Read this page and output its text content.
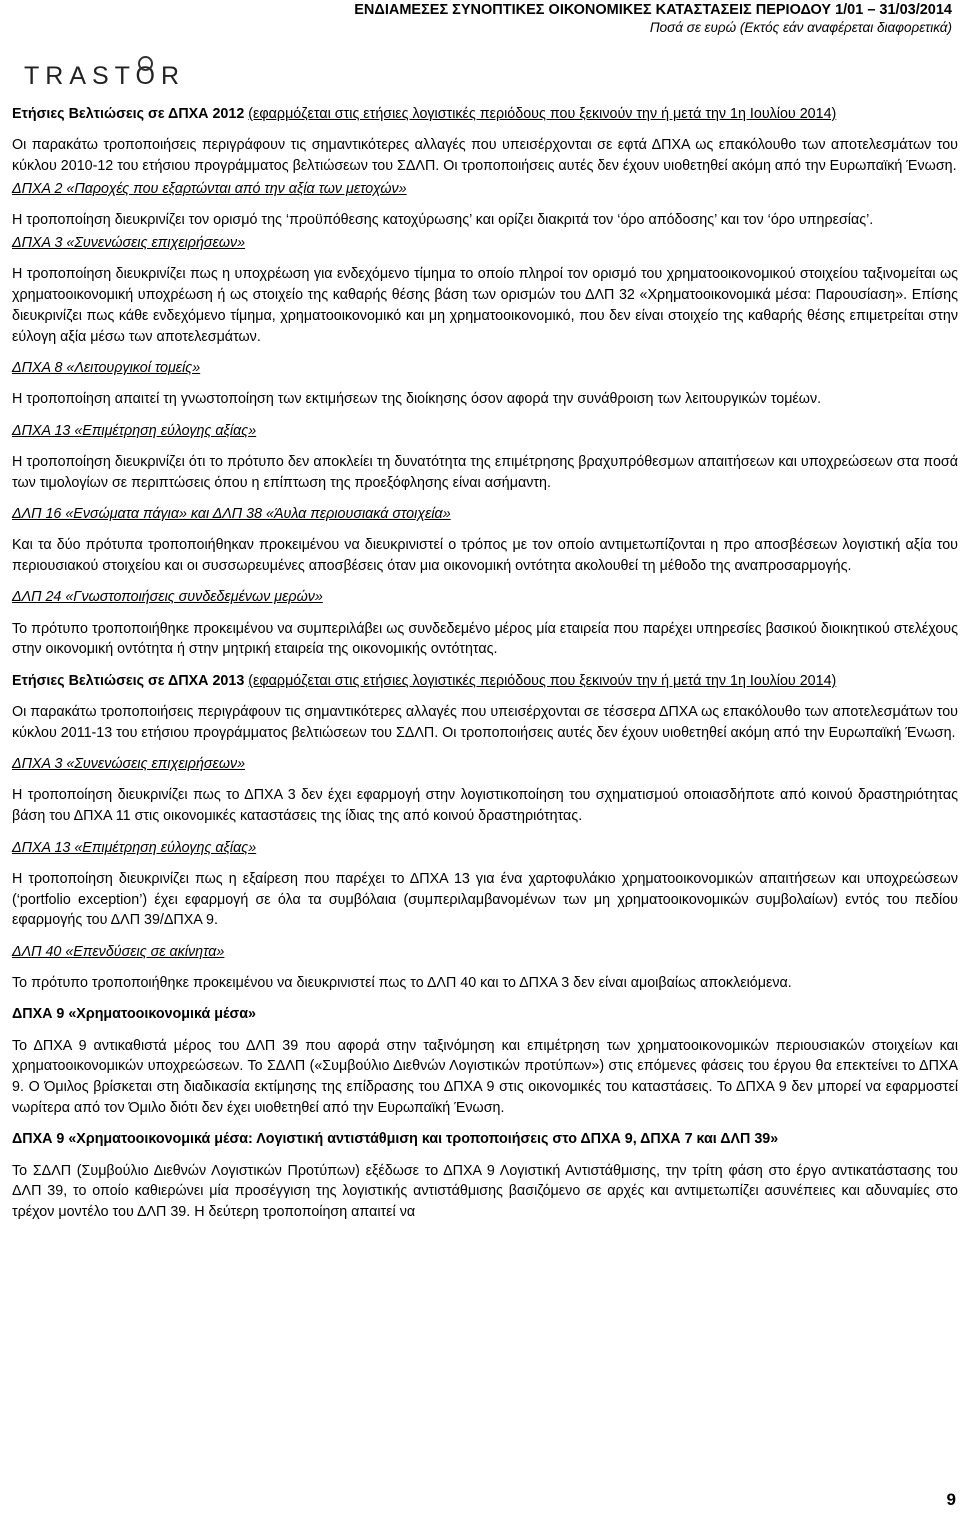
TRASTOR
ΕΝΔΙΑΜΕΣΕΣ ΣΥΝΟΠΤΙΚΕΣ ΟΙΚΟΝΟΜΙΚΕΣ ΚΑΤΑΣΤΑΣΕΙΣ ΠΕΡΙΟΔΟΥ 1/01 – 31/03/2014
Ποσά σε ευρώ (Εκτός εάν αναφέρεται διαφορετικά)

Ετήσιες Βελτιώσεις σε ΔΠΧΑ 2012 (εφαρμόζεται στις ετήσιες λογιστικές περιόδους που ξεκινούν την ή μετά την 1η Ιουλίου 2014)

Οι παρακάτω τροποποιήσεις περιγράφουν τις σημαντικότερες αλλαγές που υπεισέρχονται σε εφτά ΔΠΧΑ ως επακόλουθο των αποτελεσμάτων του κύκλου 2010-12 του ετήσιου προγράμματος βελτιώσεων του ΣΔΛΠ. Οι τροποποιήσεις αυτές δεν έχουν υιοθετηθεί ακόμη από την Ευρωπαϊκή Ένωση.

ΔΠΧΑ 2 «Παροχές που εξαρτώνται από την αξία των μετοχών»

Η τροποποίηση διευκρινίζει τον ορισμό της ‘προϋπόθεσης κατοχύρωσης’ και ορίζει διακριτά τον ‘όρο απόδοσης’ και τον ‘όρο υπηρεσίας’.

ΔΠΧΑ 3 «Συνενώσεις επιχειρήσεων»

Η τροποποίηση διευκρινίζει πως η υποχρέωση για ενδεχόμενο τίμημα το οποίο πληροί τον ορισμό του χρηματοοικονομικού στοιχείου ταξινομείται ως χρηματοοικονομική υποχρέωση ή ως στοιχείο της καθαρής θέσης βάση των ορισμών του ΔΛΠ 32 «Χρηματοοικονομικά μέσα: Παρουσίαση». Επίσης διευκρινίζει πως κάθε ενδεχόμενο τίμημα, χρηματοοικονομικό και μη χρηματοοικονομικό, που δεν είναι στοιχείο της καθαρής θέσης επιμετρείται στην εύλογη αξία μέσω των αποτελεσμάτων.

ΔΠΧΑ 8 «Λειτουργικοί τομείς»

Η τροποποίηση απαιτεί τη γνωστοποίηση των εκτιμήσεων της διοίκησης όσον αφορά την συνάθροιση των λειτουργικών τομέων.

ΔΠΧΑ 13 «Επιμέτρηση εύλογης αξίας»

Η τροποποίηση διευκρινίζει ότι το πρότυπο δεν αποκλείει τη δυνατότητα της επιμέτρησης βραχυπρόθεσμων απαιτήσεων και υποχρεώσεων στα ποσά των τιμολογίων σε περιπτώσεις όπου η επίπτωση της προεξόφλησης είναι ασήμαντη.

ΔΛΠ 16 «Ενσώματα πάγια» και ΔΛΠ 38 «Άυλα περιουσιακά στοιχεία»

Και τα δύο πρότυπα τροποποιήθηκαν προκειμένου να διευκρινιστεί ο τρόπος με τον οποίο αντιμετωπίζονται η προ αποσβέσεων λογιστική αξία του περιουσιακού στοιχείου και οι συσσωρευμένες αποσβέσεις όταν μια οικονομική οντότητα ακολουθεί τη μέθοδο της αναπροσαρμογής.

ΔΛΠ 24 «Γνωστοποιήσεις συνδεδεμένων μερών»

Το πρότυπο τροποποιήθηκε προκειμένου να συμπεριλάβει ως συνδεδεμένο μέρος μία εταιρεία που παρέχει υπηρεσίες βασικού διοικητικού στελέχους στην οικονομική οντότητα ή στην μητρική εταιρεία της οικονομικής οντότητας.

Ετήσιες Βελτιώσεις σε ΔΠΧΑ 2013 (εφαρμόζεται στις ετήσιες λογιστικές περιόδους που ξεκινούν την ή μετά την 1η Ιουλίου 2014)

Οι παρακάτω τροποποιήσεις περιγράφουν τις σημαντικότερες αλλαγές που υπεισέρχονται σε τέσσερα ΔΠΧΑ ως επακόλουθο των αποτελεσμάτων του κύκλου 2011-13 του ετήσιου προγράμματος βελτιώσεων του ΣΔΛΠ. Οι τροποποιήσεις αυτές δεν έχουν υιοθετηθεί ακόμη από την Ευρωπαϊκή Ένωση.

ΔΠΧΑ 3 «Συνενώσεις επιχειρήσεων»

Η τροποποίηση διευκρινίζει πως το ΔΠΧΑ 3 δεν έχει εφαρμογή στην λογιστικοποίηση του σχηματισμού οποιασδήποτε από κοινού δραστηριότητας βάση του ΔΠΧΑ 11 στις οικονομικές καταστάσεις της ίδιας της από κοινού δραστηριότητας.

ΔΠΧΑ 13 «Επιμέτρηση εύλογης αξίας»

Η τροποποίηση διευκρινίζει πως η εξαίρεση που παρέχει το ΔΠΧΑ 13 για ένα χαρτοφυλάκιο χρηματοοικονομικών απαιτήσεων και υποχρεώσεων (‘portfolio exception’) έχει εφαρμογή σε όλα τα συμβόλαια (συμπεριλαμβανομένων των μη χρηματοοικονομικών συμβολαίων) εντός του πεδίου εφαρμογής του ΔΛΠ 39/ΔΠΧΑ 9.

ΔΛΠ 40 «Επενδύσεις σε ακίνητα»

Το πρότυπο τροποποιήθηκε προκειμένου να διευκρινιστεί πως το ΔΛΠ 40 και το ΔΠΧΑ 3 δεν είναι αμοιβαίως αποκλειόμενα.

ΔΠΧΑ 9 «Χρηματοοικονομικά μέσα»

Το ΔΠΧΑ 9 αντικαθιστά μέρος του ΔΛΠ 39 που αφορά στην ταξινόμηση και επιμέτρηση των χρηματοοικονομικών περιουσιακών στοιχείων και χρηματοοικονομικών υποχρεώσεων. Το ΣΔΛΠ («Συμβούλιο Διεθνών Λογιστικών προτύπων») στις επόμενες φάσεις του έργου θα επεκτείνει το ΔΠΧΑ 9. Ο Όμιλος βρίσκεται στη διαδικασία εκτίμησης της επίδρασης του ΔΠΧΑ 9 στις οικονομικές του καταστάσεις. Το ΔΠΧΑ 9 δεν μπορεί να εφαρμοστεί νωρίτερα από τον Όμιλο διότι δεν έχει υιοθετηθεί από την Ευρωπαϊκή Ένωση.

ΔΠΧΑ 9 «Χρηματοοικονομικά μέσα: Λογιστική αντιστάθμιση και τροποποιήσεις στο ΔΠΧΑ 9, ΔΠΧΑ 7 και ΔΛΠ 39»

Το ΣΔΛΠ (Συμβούλιο Διεθνών Λογιστικών Προτύπων) εξέδωσε το ΔΠΧΑ 9 Λογιστική Αντιστάθμισης, την τρίτη φάση στο έργο αντικατάστασης του ΔΛΠ 39, το οποίο καθιερώνει μία προσέγγιση της λογιστικής αντιστάθμισης βασιζόμενο σε αρχές και αντιμετωπίζει ασυνέπειες και αδυναμίες στο τρέχον μοντέλο του ΔΛΠ 39. Η δεύτερη τροποποίηση απαιτεί να

9
